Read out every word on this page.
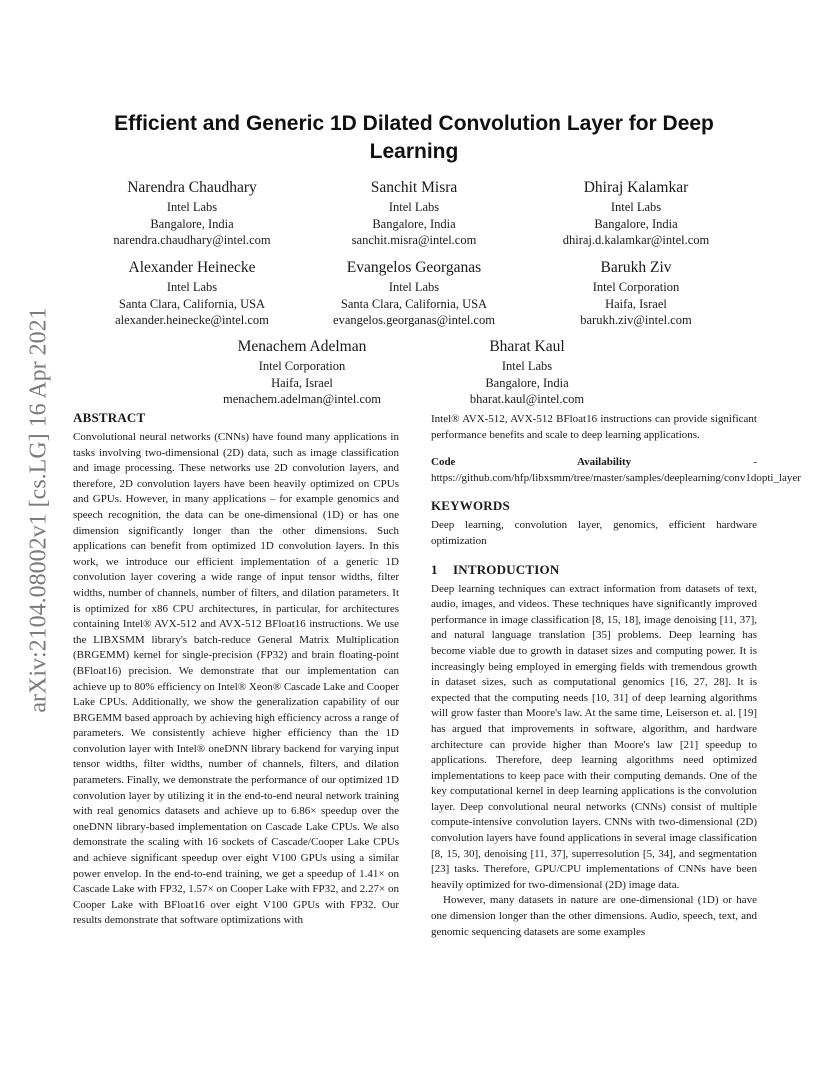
arXiv:2104.08002v1 [cs.LG] 16 Apr 2021
Efficient and Generic 1D Dilated Convolution Layer for Deep Learning
Narendra Chaudhary
Intel Labs
Bangalore, India
narendra.chaudhary@intel.com
Sanchit Misra
Intel Labs
Bangalore, India
sanchit.misra@intel.com
Dhiraj Kalamkar
Intel Labs
Bangalore, India
dhiraj.d.kalamkar@intel.com
Alexander Heinecke
Intel Labs
Santa Clara, California, USA
alexander.heinecke@intel.com
Evangelos Georganas
Intel Labs
Santa Clara, California, USA
evangelos.georganas@intel.com
Barukh Ziv
Intel Corporation
Haifa, Israel
barukh.ziv@intel.com
Menachem Adelman
Intel Corporation
Haifa, Israel
menachem.adelman@intel.com
Bharat Kaul
Intel Labs
Bangalore, India
bharat.kaul@intel.com
ABSTRACT

Convolutional neural networks (CNNs) have found many applications in tasks involving two-dimensional (2D) data, such as image classification and image processing. These networks use 2D convolution layers, and therefore, 2D convolution layers have been heavily optimized on CPUs and GPUs. However, in many applications – for example genomics and speech recognition, the data can be one-dimensional (1D) or has one dimension significantly longer than the other dimensions. Such applications can benefit from optimized 1D convolution layers. In this work, we introduce our efficient implementation of a generic 1D convolution layer covering a wide range of input tensor widths, filter widths, number of channels, number of filters, and dilation parameters. It is optimized for x86 CPU architectures, in particular, for architectures containing Intel® AVX-512 and AVX-512 BFloat16 instructions. We use the LIBXSMM library's batch-reduce General Matrix Multiplication (BRGEMM) kernel for single-precision (FP32) and brain floating-point (BFloat16) precision. We demonstrate that our implementation can achieve up to 80% efficiency on Intel® Xeon® Cascade Lake and Cooper Lake CPUs. Additionally, we show the generalization capability of our BRGEMM based approach by achieving high efficiency across a range of parameters. We consistently achieve higher efficiency than the 1D convolution layer with Intel® oneDNN library backend for varying input tensor widths, filter widths, number of channels, filters, and dilation parameters. Finally, we demonstrate the performance of our optimized 1D convolution layer by utilizing it in the end-to-end neural network training with real genomics datasets and achieve up to 6.86× speedup over the oneDNN library-based implementation on Cascade Lake CPUs. We also demonstrate the scaling with 16 sockets of Cascade/Cooper Lake CPUs and achieve significant speedup over eight V100 GPUs using a similar power envelop. In the end-to-end training, we get a speedup of 1.41× on Cascade Lake with FP32, 1.57× on Cooper Lake with FP32, and 2.27× on Cooper Lake with BFloat16 over eight V100 GPUs with FP32. Our results demonstrate that software optimizations with

Intel® AVX-512, AVX-512 BFloat16 instructions can provide significant performance benefits and scale to deep learning applications.

Code Availability - https://github.com/hfp/libxsmm/tree/master/samples/deeplearning/conv1dopti_layer

KEYWORDS

Deep learning, convolution layer, genomics, efficient hardware optimization

1 INTRODUCTION

Deep learning techniques can extract information from datasets of text, audio, images, and videos. These techniques have significantly improved performance in image classification [8, 15, 18], image denoising [11, 37], and natural language translation [35] problems. Deep learning has become viable due to growth in dataset sizes and computing power. It is increasingly being employed in emerging fields with tremendous growth in dataset sizes, such as computational genomics [16, 27, 28]. It is expected that the computing needs [10, 31] of deep learning algorithms will grow faster than Moore's law. At the same time, Leiserson et. al. [19] has argued that improvements in software, algorithm, and hardware architecture can provide higher than Moore's law [21] speedup to applications. Therefore, deep learning algorithms need optimized implementations to keep pace with their computing demands. One of the key computational kernel in deep learning applications is the convolution layer. Deep convolutional neural networks (CNNs) consist of multiple compute-intensive convolution layers. CNNs with two-dimensional (2D) convolution layers have found applications in several image classification [8, 15, 30], denoising [11, 37], superresolution [5, 34], and segmentation [23] tasks. Therefore, GPU/CPU implementations of CNNs have been heavily optimized for two-dimensional (2D) image data.

However, many datasets in nature are one-dimensional (1D) or have one dimension longer than the other dimensions. Audio, speech, text, and genomic sequencing datasets are some examples
